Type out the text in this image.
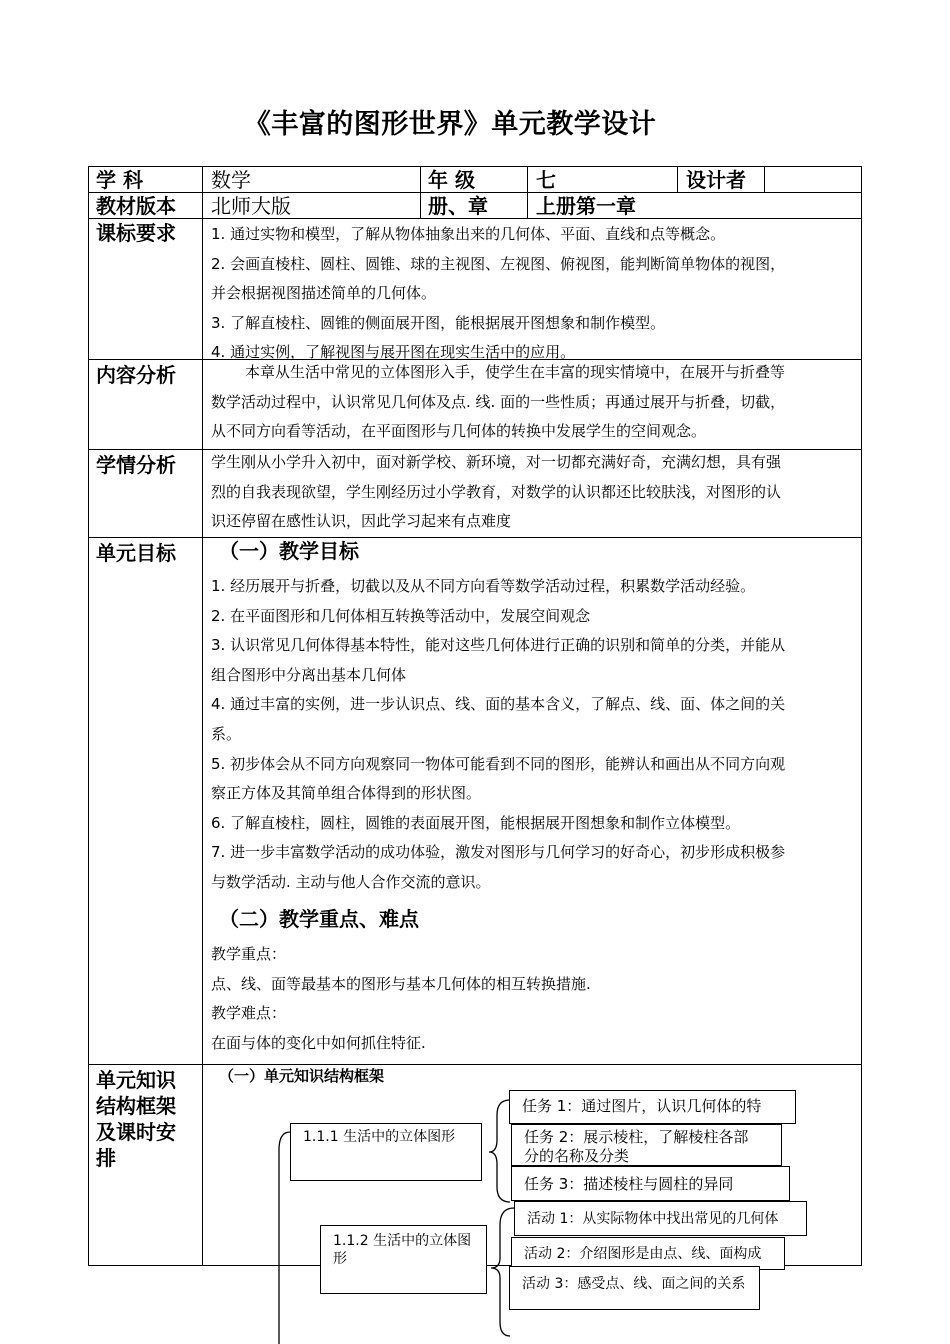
《丰富的图形世界》单元教学设计
学 科	数学	年 级	七	设计者
教材版本 北师大版	册、章 上册第一章
课标要求 1. 通过实物和模型，了解从物体抽象出来的几何体、平面、直线和点等概念。

2. 会画直棱柱、圆柱、圆锥、球的主视图、左视图、俯视图，能判断简单物体的视图，

并会根据视图描述简单的几何体。

3. 了解直棱柱、圆锥的侧面展开图，能根据展开图想象和制作模型。

4. 通过实例，了解视图与展开图在现实生活中的应用。

内容分析	本章从生活中常见的立体图形入手，使学生在丰富的现实情境中，在展开与折叠等

数学活动过程中，认识常见几何体及点. 线. 面的一些性质；再通过展开与折叠，切截，

从不同方向看等活动，在平面图形与几何体的转换中发展学生的空间观念。

学情分析 学生刚从小学升入初中，面对新学校、新环境，对一切都充满好奇，充满幻想，具有强

烈的自我表现欲望，学生刚经历过小学教育，对数学的认识都还比较肤浅，对图形的认

识还停留在感性认识，因此学习起来有点难度

单元目标 （一）教学目标

1. 经历展开与折叠，切截以及从不同方向看等数学活动过程，积累数学活动经验。

2. 在平面图形和几何体相互转换等活动中，发展空间观念

3. 认识常见几何体得基本特性，能对这些几何体进行正确的识别和简单的分类，并能从

组合图形中分离出基本几何体

4. 通过丰富的实例，进一步认识点、线、面的基本含义，了解点、线、面、体之间的关

系。

5. 初步体会从不同方向观察同一物体可能看到不同的图形，能辨认和画出从不同方向观

察正方体及其简单组合体得到的形状图。

6. 了解直棱柱，圆柱，圆锥的表面展开图，能根据展开图想象和制作立体模型。

7. 进一步丰富数学活动的成功体验，激发对图形与几何学习的好奇心，初步形成积极参

与数学活动. 主动与他人合作交流的意识。

（二）教学重点、难点

教学重点：

点、线、面等最基本的图形与基本几何体的相互转换措施.

教学难点：

在面与体的变化中如何抓住特征.

单元知识
结构框架
及课时安
排
（一）单元知识结构框架
1.1.1 生活中的立体图形
任务 1：通过图片，认识几何体的特
任务 2：展示棱柱，了解棱柱各部
分的名称及分类
任务 3：描述棱柱与圆柱的异同
1.1.2 生活中的立体图
形
活动 1：从实际物体中找出常见的几何体
活动 2：介绍图形是由点、线、面构成
活动 3：感受点、线、面之间的关系
